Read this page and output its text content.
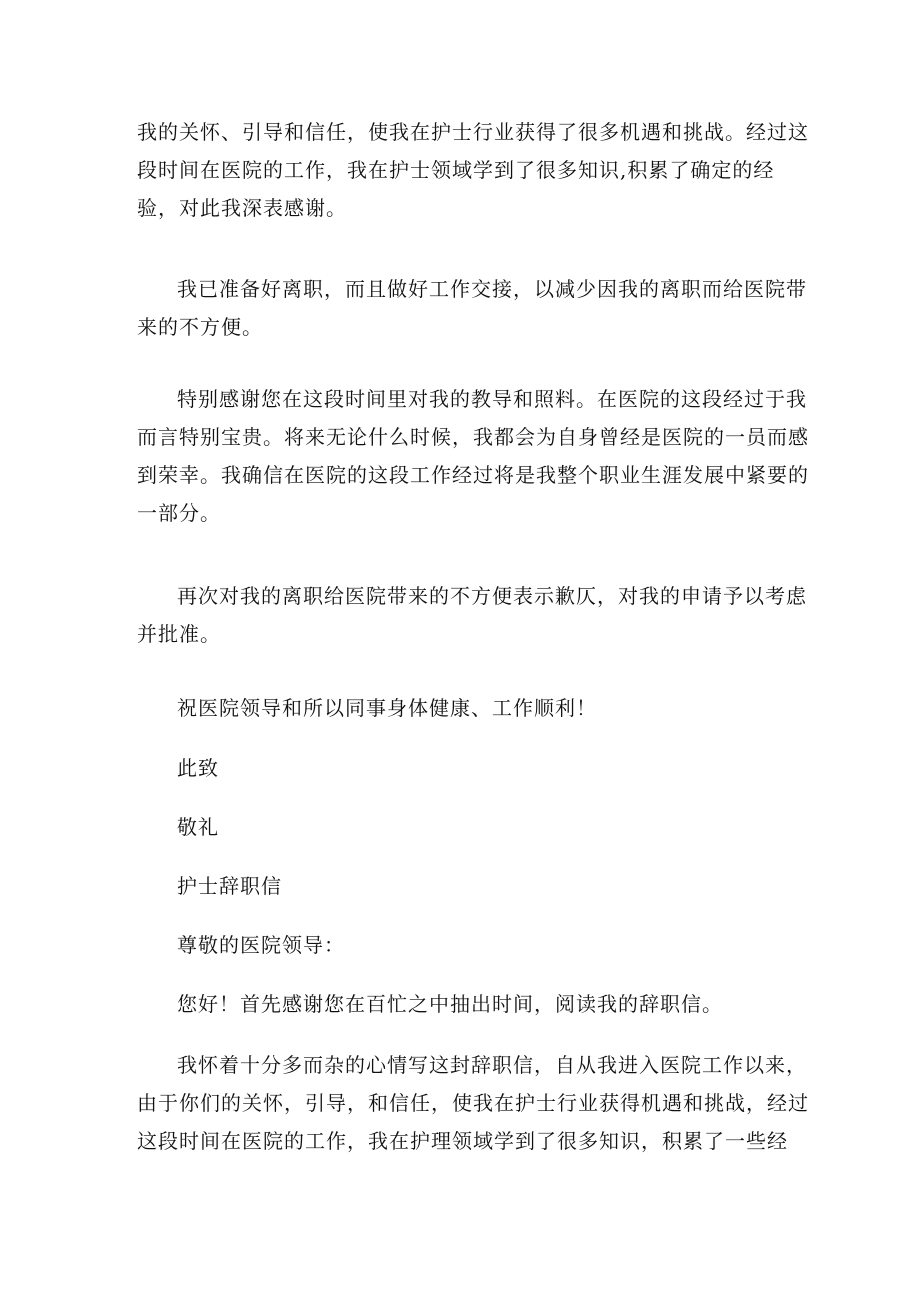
我的关怀、引导和信任，使我在护士行业获得了很多机遇和挑战。经过这
段时间在医院的工作，我在护士领域学到了很多知识,积累了确定的经
验，对此我深表感谢。
我已准备好离职，而且做好工作交接，以减少因我的离职而给医院带
来的不方便。
特别感谢您在这段时间里对我的教导和照料。在医院的这段经过于我
而言特别宝贵。将来无论什么时候，我都会为自身曾经是医院的一员而感
到荣幸。我确信在医院的这段工作经过将是我整个职业生涯发展中紧要的
一部分。
再次对我的离职给医院带来的不方便表示歉仄，对我的申请予以考虑
并批准。
祝医院领导和所以同事身体健康、工作顺利！
此致
敬礼
护士辞职信
尊敬的医院领导：
您好！首先感谢您在百忙之中抽出时间，阅读我的辞职信。
我怀着十分多而杂的心情写这封辞职信，自从我进入医院工作以来，
由于你们的关怀，引导，和信任，使我在护士行业获得机遇和挑战，经过
这段时间在医院的工作，我在护理领域学到了很多知识，积累了一些经
